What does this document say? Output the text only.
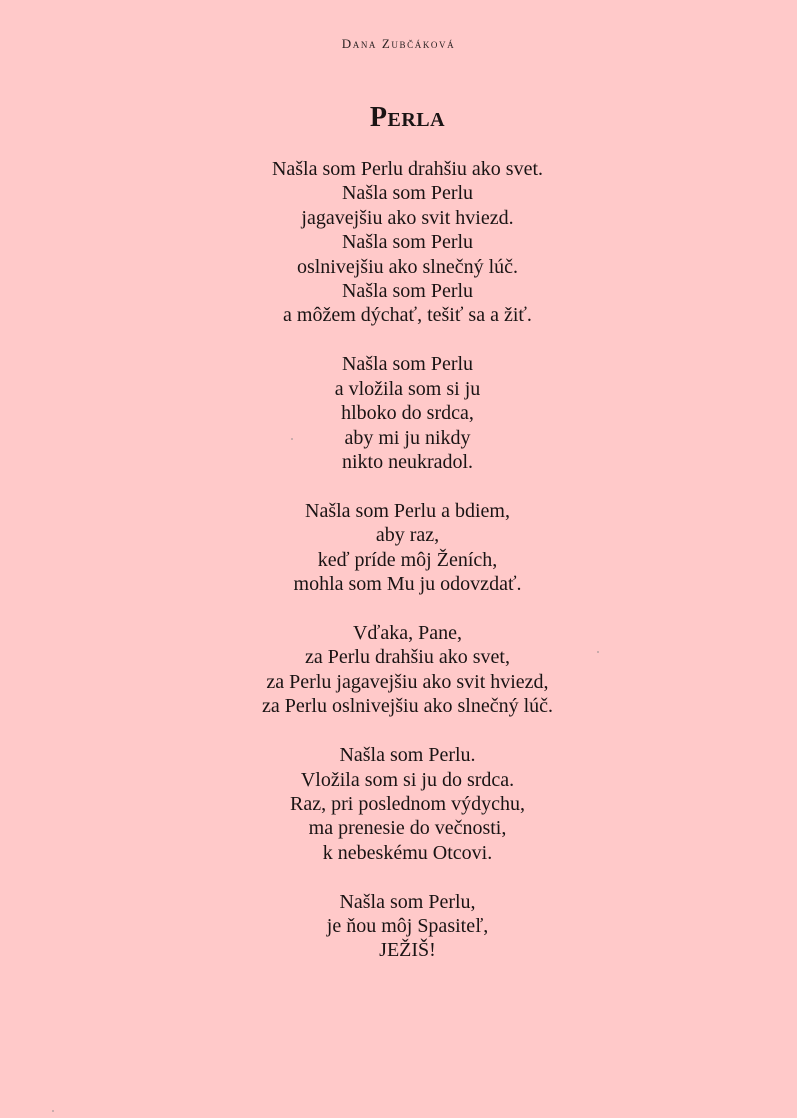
Dana Zubčáková
Perla
Našla som Perlu drahšiu ako svet.
Našla som Perlu
jagavejšiu ako svit hviezd.
Našla som Perlu
oslnivejšiu ako slnečný lúč.
Našla som Perlu
a môžem dýchať, tešiť sa a žiť.
Našla som Perlu
a vložila som si ju
hlboko do srdca,
aby mi ju nikdy
nikto neukradol.
Našla som Perlu a bdiem,
aby raz,
keď príde môj Ženích,
mohla som Mu ju odovzdať.
Vďaka, Pane,
za Perlu drahšiu ako svet,
za Perlu jagavejšiu ako svit hviezd,
za Perlu oslnivejšiu ako slnečný lúč.
Našla som Perlu.
Vložila som si ju do srdca.
Raz, pri poslednom výdychu,
ma prenesie do večnosti,
k nebeskému Otcovi.
Našla som Perlu,
je ňou môj Spasiteľ,
JEŽIŠ!
